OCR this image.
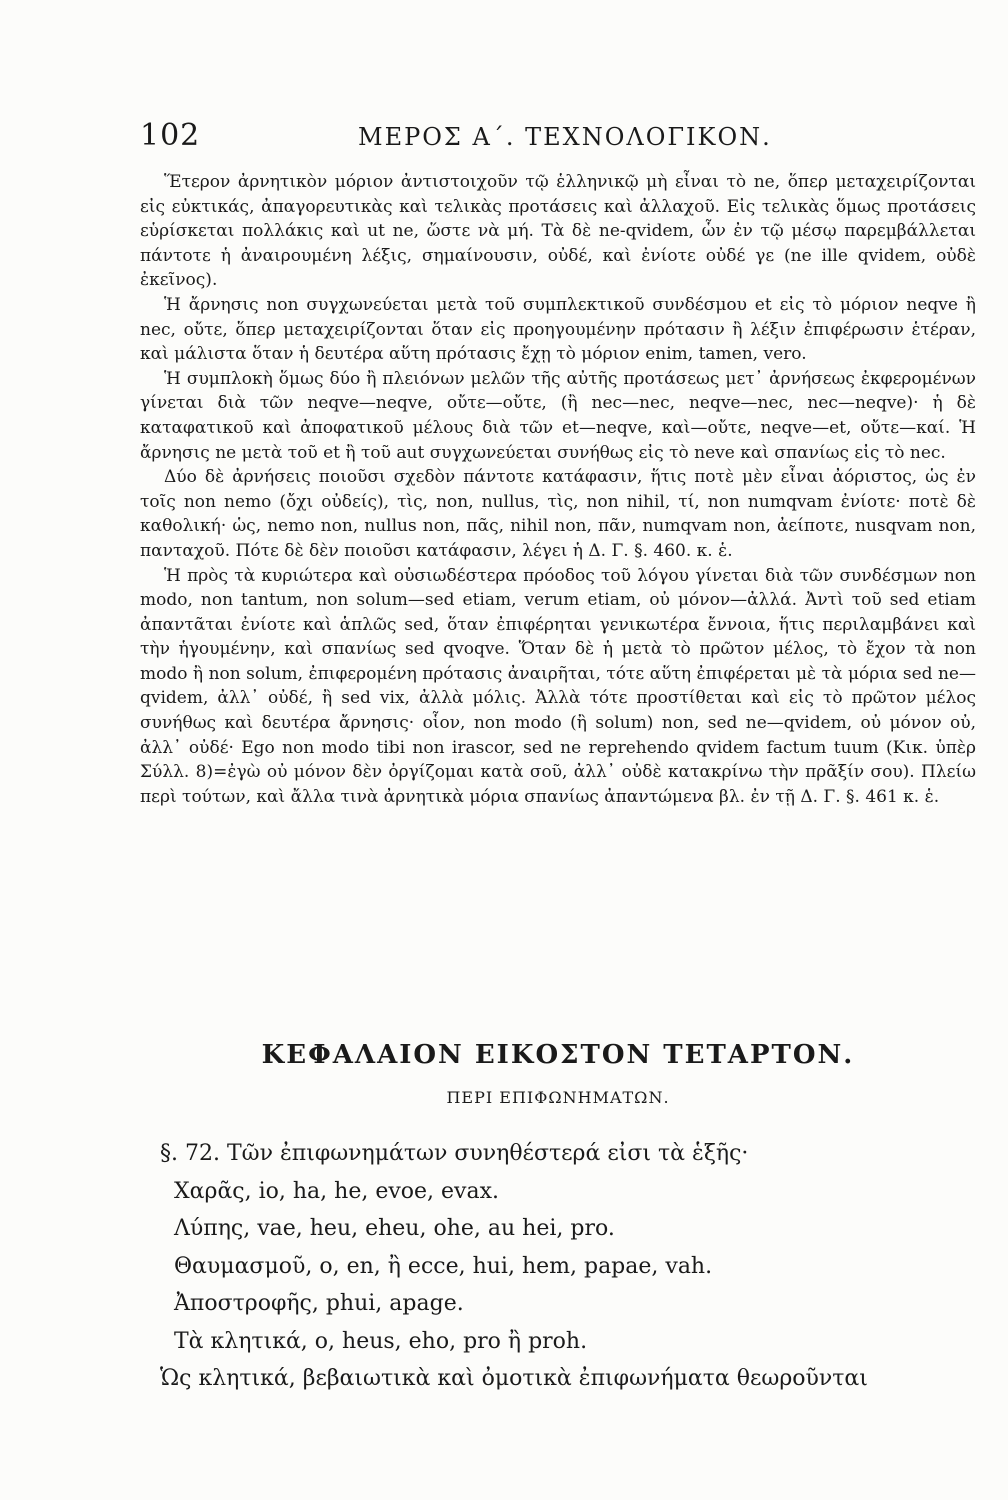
102	ΜΕΡΟΣ Α΄. ΤΕΧΝΟΛΟΓΙΚΟΝ.

Ἕτερον ἀρνητικὸν μόριον ἀντιστοιχοῦν τῷ ἑλληνικῷ μὴ εἶναι τὸ ne, ὅπερ μεταχειρίζονται εἰς εὐκτικάς, ἀπαγορευτικὰς καὶ τελικὰς προτάσεις καὶ ἀλλαχοῦ. Εἰς τελικὰς ὅμως προτάσεις εὑρίσκεται πολλάκις καὶ ut ne, ὥστε νὰ μή. Τὰ δὲ ne-qvidem, ὧν ἐν τῷ μέσῳ παρεμβάλλεται πάντοτε ἡ ἀναιρουμένη λέξις, σημαίνουσιν, οὐδέ, καὶ ἐνίοτε οὐδέ γε (ne ille qvidem, οὐδὲ ἐκεῖνος).

Ἡ ἄρνησις non συγχωνεύεται μετὰ τοῦ συμπλεκτικοῦ συνδέσμου et εἰς τὸ μόριον neqve ἢ nec, οὔτε, ὅπερ μεταχειρίζονται ὅταν εἰς προηγουμένην πρότασιν ἢ λέξιν ἐπιφέρωσιν ἑτέραν, καὶ μάλιστα ὅταν ἡ δευτέρα αὕτη πρότασις ἔχῃ τὸ μόριον enim, tamen, vero.

Ἡ συμπλοκὴ ὅμως δύο ἢ πλειόνων μελῶν τῆς αὐτῆς προτάσεως μετ᾽ ἀρνήσεως ἐκφερομένων γίνεται διὰ τῶν neqve—neqve, οὔτε—οὔτε, (ἢ nec—nec, neqve—nec, nec—neqve)· ἡ δὲ καταφατικοῦ καὶ ἀποφατικοῦ μέλους διὰ τῶν et—neqve, καὶ—οὔτε, neqve—et, οὔτε—καί. Ἡ ἄρνησις ne μετὰ τοῦ et ἢ τοῦ aut συγχωνεύεται συνήθως εἰς τὸ neve καὶ σπανίως εἰς τὸ nec.

Δύο δὲ ἀρνήσεις ποιοῦσι σχεδὸν πάντοτε κατάφασιν, ἥτις ποτὲ μὲν εἶναι ἀόριστος, ὡς ἐν τοῖς non nemo (ὄχι οὐδείς), τὶς, non, nullus, τὶς, non nihil, τί, non numqvam ἐνίοτε· ποτὲ δὲ καθολική· ὡς, nemo non, nullus non, πᾶς, nihil non, πᾶν, numqvam non, ἀείποτε, nusqvam non, πανταχοῦ. Πότε δὲ δὲν ποιοῦσι κατάφασιν, λέγει ἡ Δ. Γ. §. 460. κ. ἑ.

Ἡ πρὸς τὰ κυριώτερα καὶ οὐσιωδέστερα πρόοδος τοῦ λόγου γίνεται διὰ τῶν συνδέσμων non modo, non tantum, non solum—sed etiam, verum etiam, οὐ μόνον—ἀλλά. Ἀντὶ τοῦ sed etiam ἀπαντᾶται ἐνίοτε καὶ ἁπλῶς sed, ὅταν ἐπιφέρηται γενικωτέρα ἔννοια, ἥτις περιλαμβάνει καὶ τὴν ἡγουμένην, καὶ σπανίως sed qvoqve. Ὅταν δὲ ἡ μετὰ τὸ πρῶτον μέλος, τὸ ἔχον τὰ non modo ἢ non solum, ἐπιφερομένη πρότασις ἀναιρῆται, τότε αὕτη ἐπιφέρεται μὲ τὰ μόρια sed ne—qvidem, ἀλλ᾽ οὐδέ, ἢ sed vix, ἀλλὰ μόλις. Ἀλλὰ τότε προστίθεται καὶ εἰς τὸ πρῶτον μέλος συνήθως καὶ δευτέρα ἄρνησις· οἷον, non modo (ἢ solum) non, sed ne—qvidem, οὐ μόνον οὐ, ἀλλ᾽ οὐδέ· Ego non modo tibi non irascor, sed ne reprehendo qvidem factum tuum (Κικ. ὑπὲρ Σύλλ. 8)=ἐγὼ οὐ μόνον δὲν ὀργίζομαι κατὰ σοῦ, ἀλλ᾽ οὐδὲ κατακρίνω τὴν πρᾶξίν σου). Πλείω περὶ τούτων, καὶ ἄλλα τινὰ ἀρνητικὰ μόρια σπανίως ἀπαντώμενα βλ. ἐν τῇ Δ. Γ. §. 461 κ. ἑ.

ΚΕΦΑΛΑΙΟΝ ΕΙΚΟΣΤΟΝ ΤΕΤΑΡΤΟΝ.
ΠΕΡΙ ΕΠΙΦΩΝΗΜΑΤΩΝ.
§. 72. Τῶν ἐπιφωνημάτων συνηθέστερά εἰσι τὰ ἑξῆς·
Χαρᾶς, io, ha, he, evoe, evax.
Λύπης, vae, heu, eheu, ohe, au hei, pro.
Θαυμασμοῦ, o, en, ἢ ecce, hui, hem, papae, vah.
Ἀποστροφῆς, phui, apage.
Τὰ κλητικά, o, heus, eho, pro ἢ proh.
Ὡς κλητικά, βεβαιωτικὰ καὶ ὀμοτικὰ ἐπιφωνήματα θεωροῦνται
